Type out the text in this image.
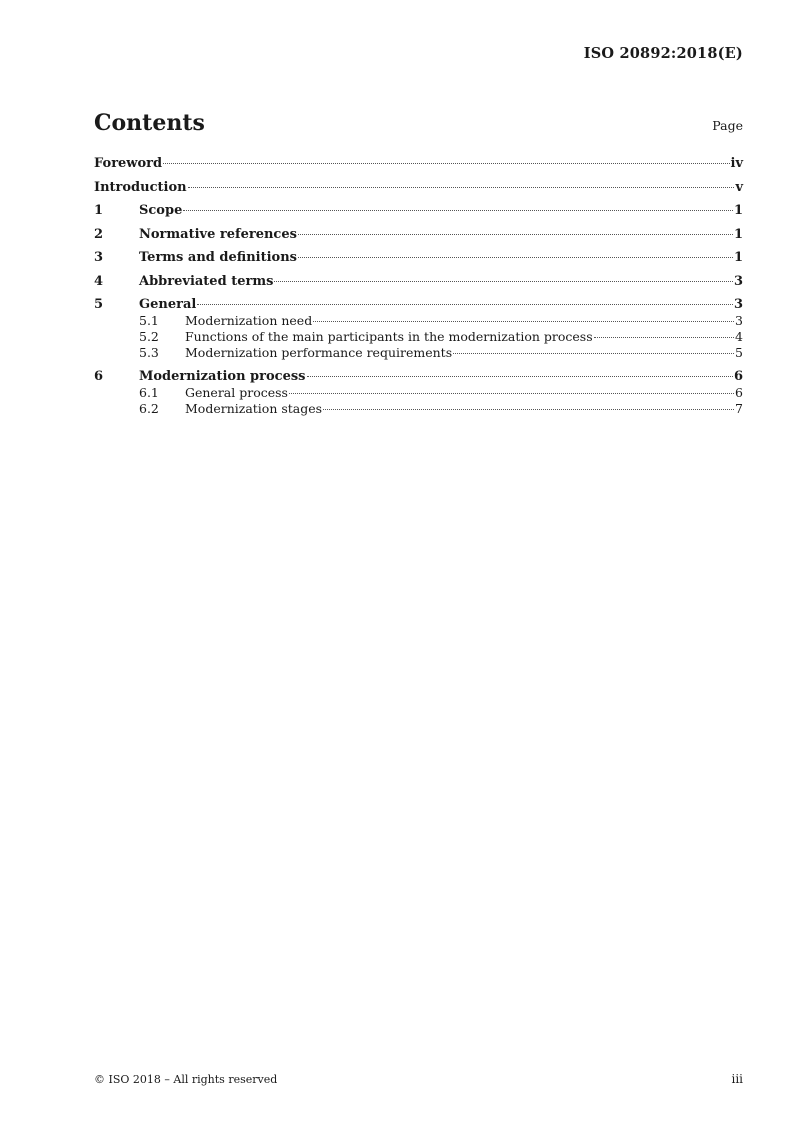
ISO 20892:2018(E)
Contents	Page
Foreword	iv
Introduction	v
1	Scope	1
2	Normative references	1
3	Terms and definitions	1
4	Abbreviated terms	3
5	General	3
5.1	Modernization need	3
5.2	Functions of the main participants in the modernization process	4
5.3	Modernization performance requirements	5
6	Modernization process	6
6.1	General process	6
6.2	Modernization stages	7
© ISO 2018 – All rights reserved	iii
